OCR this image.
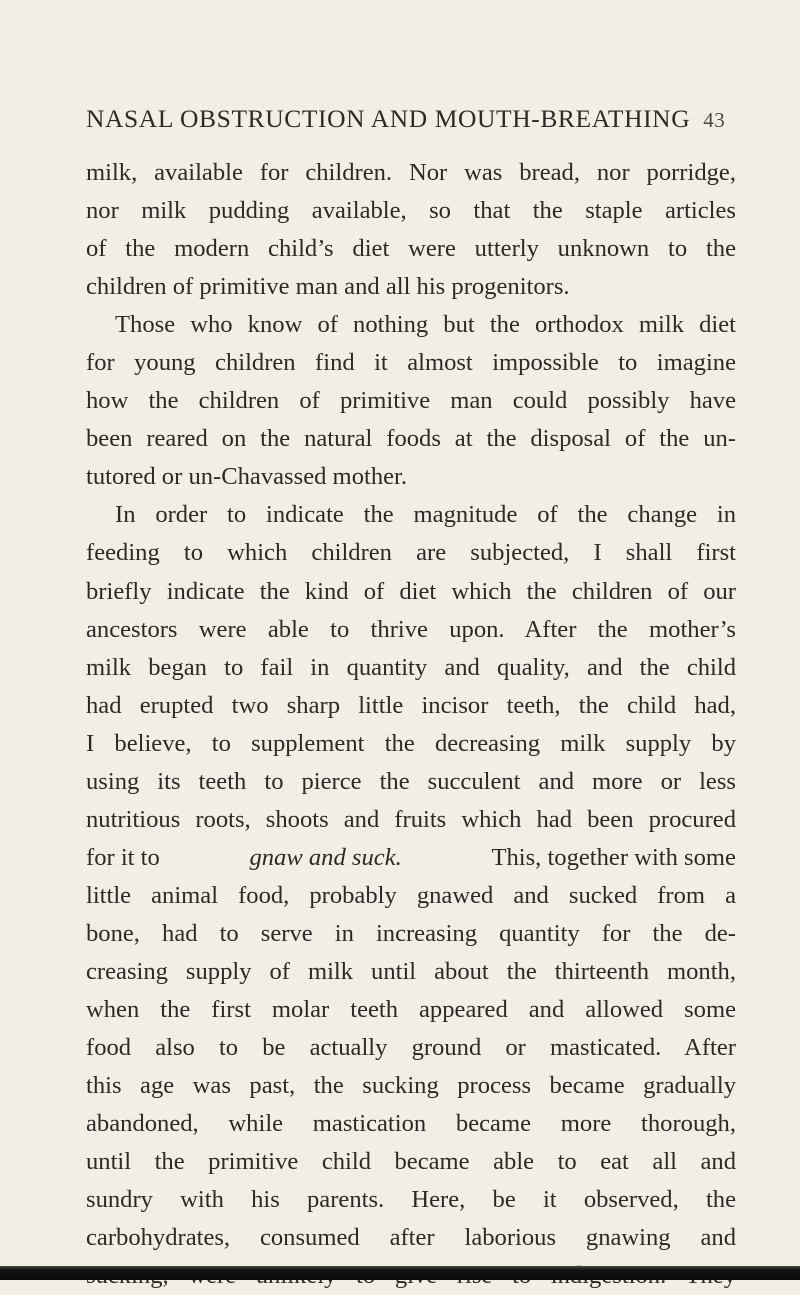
NASAL OBSTRUCTION AND MOUTH-BREATHING 43
milk, available for children. Nor was bread, nor porridge,
nor milk pudding available, so that the staple articles
of the modern child’s diet were utterly unknown to the
children of primitive man and all his progenitors.
Those who know of nothing but the orthodox milk diet
for young children find it almost impossible to imagine
how the children of primitive man could possibly have
been reared on the natural foods at the disposal of the un-
tutored or un-Chavassed mother.
In order to indicate the magnitude of the change in
feeding to which children are subjected, I shall first
briefly indicate the kind of diet which the children of our
ancestors were able to thrive upon. After the mother’s
milk began to fail in quantity and quality, and the child
had erupted two sharp little incisor teeth, the child had,
I believe, to supplement the decreasing milk supply by
using its teeth to pierce the succulent and more or less
nutritious roots, shoots and fruits which had been procured
for it to	gnaw and suck.	This, together with some
little animal food, probably gnawed and sucked from a
bone, had to serve in increasing quantity for the de-
creasing supply of milk until about the thirteenth month,
when the first molar teeth appeared and allowed some
food also to be actually ground or masticated. After
this age was past, the sucking process became gradually
abandoned, while mastication became more thorough,
until the primitive child became able to eat all and
sundry with his parents. Here, be it observed, the
carbohydrates, consumed after laborious gnawing and
